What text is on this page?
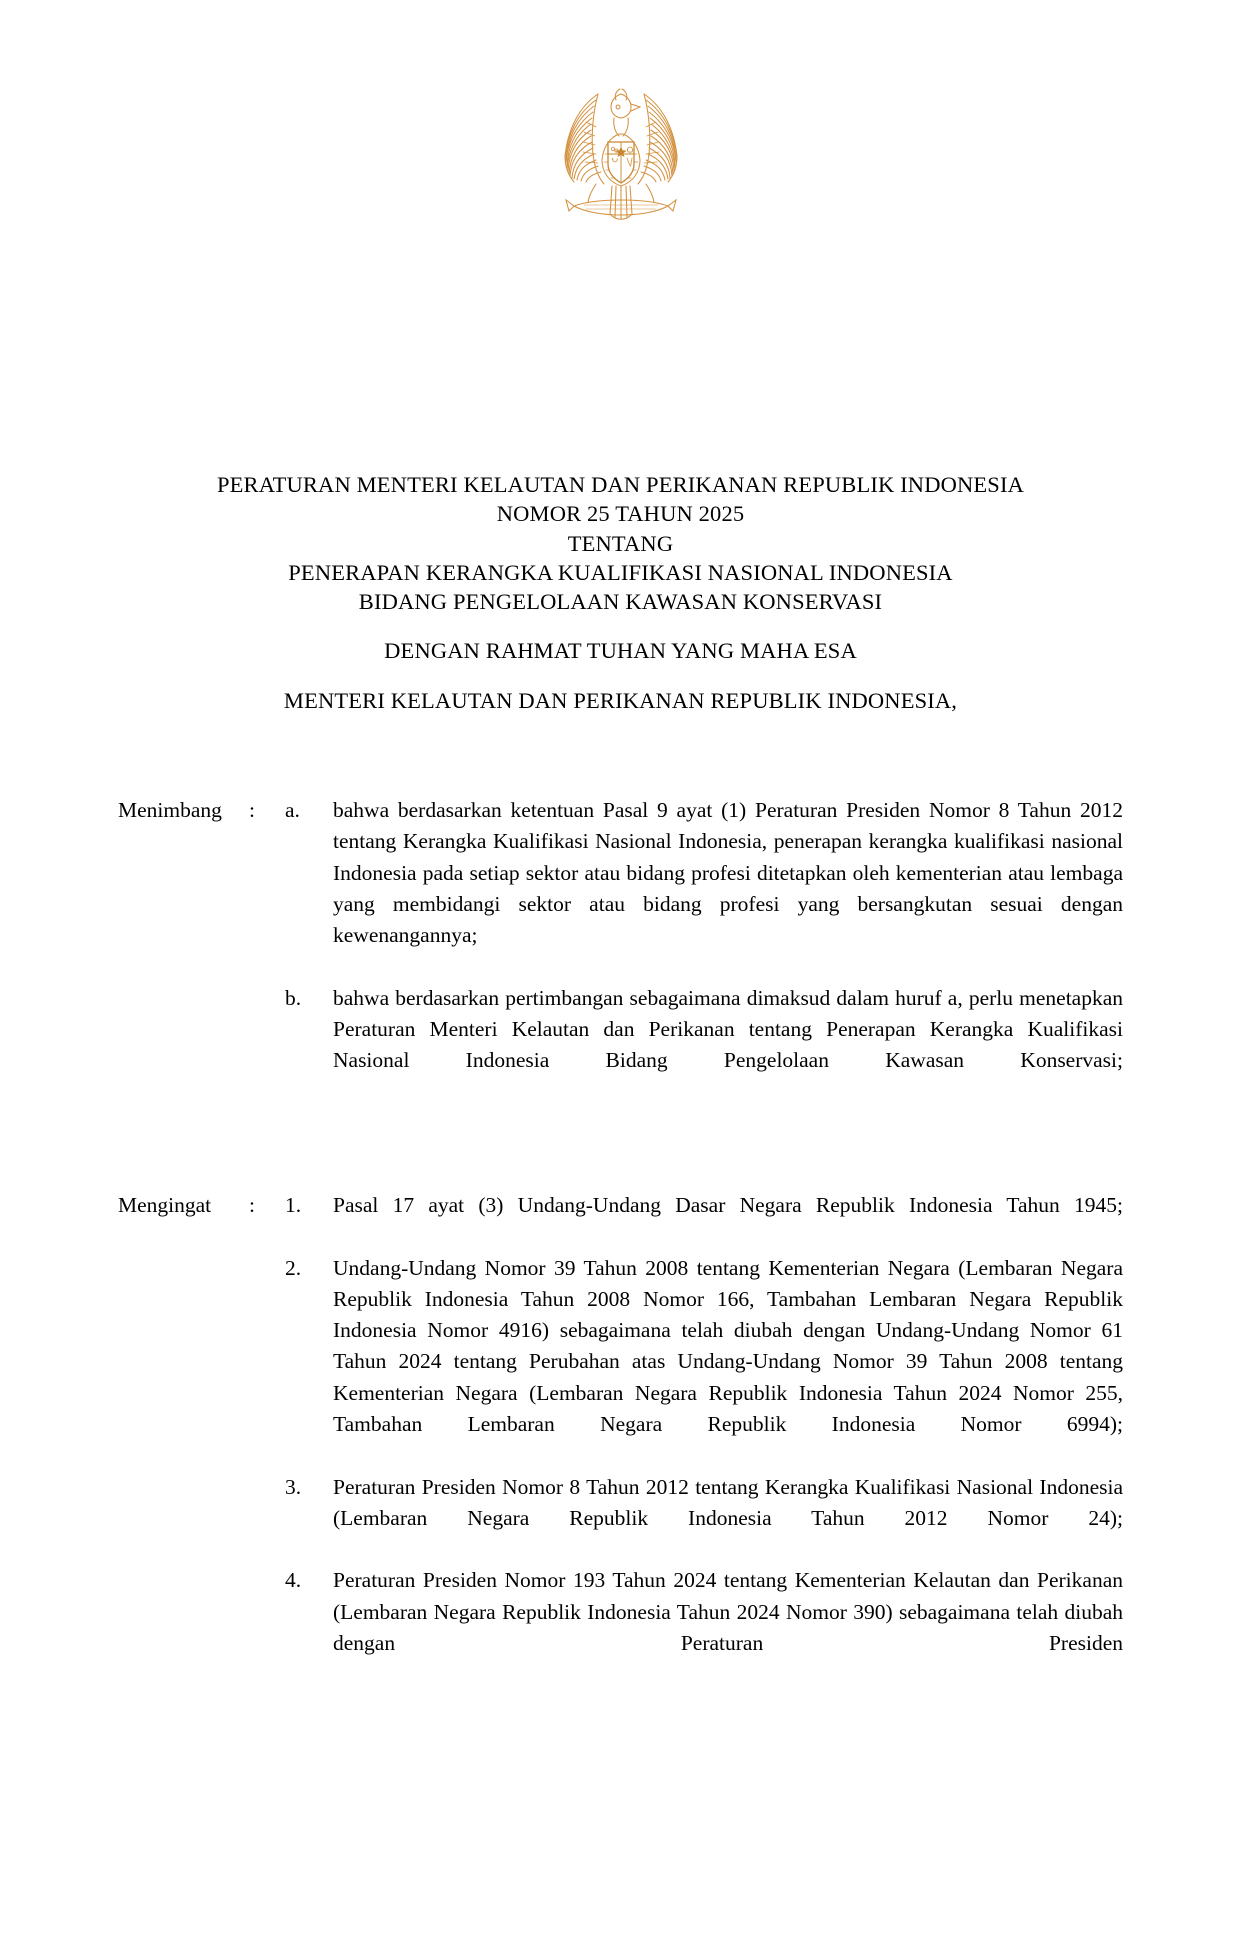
PERATURAN MENTERI KELAUTAN DAN PERIKANAN REPUBLIK INDONESIA
NOMOR 25 TAHUN 2025
TENTANG
PENERAPAN KERANGKA KUALIFIKASI NASIONAL INDONESIA
BIDANG PENGELOLAAN KAWASAN KONSERVASI
DENGAN RAHMAT TUHAN YANG MAHA ESA
MENTERI KELAUTAN DAN PERIKANAN REPUBLIK INDONESIA,
Menimbang	:	a.	bahwa berdasarkan ketentuan Pasal 9 ayat (1) Peraturan Presiden Nomor 8 Tahun 2012 tentang Kerangka Kualifikasi Nasional Indonesia, penerapan kerangka kualifikasi nasional Indonesia pada setiap sektor atau bidang profesi ditetapkan oleh kementerian atau lembaga yang membidangi sektor atau bidang profesi yang bersangkutan sesuai dengan kewenangannya;
b.	bahwa berdasarkan pertimbangan sebagaimana dimaksud dalam huruf a, perlu menetapkan Peraturan Menteri Kelautan dan Perikanan tentang Penerapan Kerangka Kualifikasi Nasional Indonesia Bidang Pengelolaan Kawasan Konservasi;
Mengingat	:	1.	Pasal 17 ayat (3) Undang-Undang Dasar Negara Republik Indonesia Tahun 1945;
2.	Undang-Undang Nomor 39 Tahun 2008 tentang Kementerian Negara (Lembaran Negara Republik Indonesia Tahun 2008 Nomor 166, Tambahan Lembaran Negara Republik Indonesia Nomor 4916) sebagaimana telah diubah dengan Undang-Undang Nomor 61 Tahun 2024 tentang Perubahan atas Undang-Undang Nomor 39 Tahun 2008 tentang Kementerian Negara (Lembaran Negara Republik Indonesia Tahun 2024 Nomor 255, Tambahan Lembaran Negara Republik Indonesia Nomor 6994);
3.	Peraturan Presiden Nomor 8 Tahun 2012 tentang Kerangka Kualifikasi Nasional Indonesia (Lembaran Negara Republik Indonesia Tahun 2012 Nomor 24);
4.	Peraturan Presiden Nomor 193 Tahun 2024 tentang Kementerian Kelautan dan Perikanan (Lembaran Negara Republik Indonesia Tahun 2024 Nomor 390) sebagaimana telah diubah dengan Peraturan Presiden
